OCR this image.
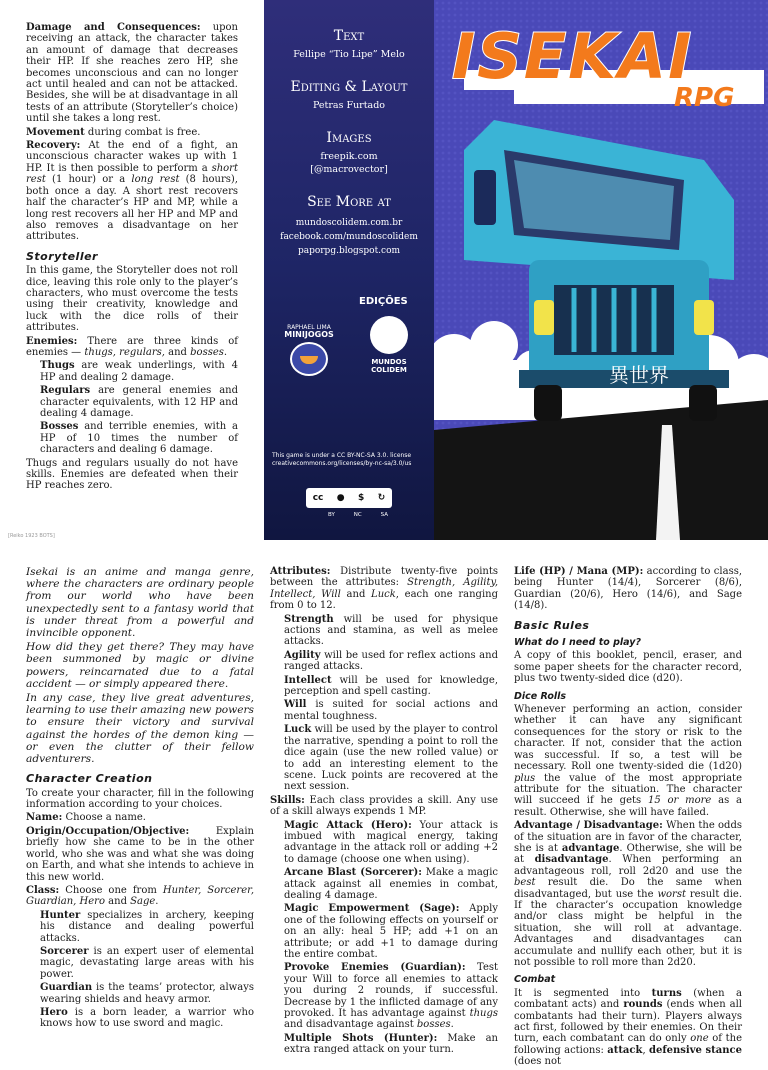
Damage and Consequences: upon receiving an attack, the character takes an amount of damage that decreases their HP. If she reaches zero HP, she becomes unconscious and can no longer act until healed and can not be attacked. Besides, she will be at disadvantage in all tests of an attribute (Storyteller’s choice) until she takes a long rest.

Movement during combat is free.

Recovery: At the end of a fight, an unconscious character wakes up with 1 HP. It is then possible to perform a short rest (1 hour) or a long rest (8 hours), both once a day. A short rest recovers half the character’s HP and MP, while a long rest recovers all her HP and MP and also removes a disadvantage on her attributes.

Storyteller

In this game, the Storyteller does not roll dice, leaving this role only to the player’s characters, who must overcome the tests using their creativity, knowledge and luck with the dice rolls of their attributes.

Enemies: There are three kinds of enemies — thugs, regulars, and bosses.

Thugs are weak underlings, with 4 HP and dealing 2 damage.

Regulars are general enemies and character equivalents, with 12 HP and dealing 4 damage.

Bosses and terrible enemies, with a HP of 10 times the number of characters and dealing 6 damage.

Thugs and regulars usually do not have skills. Enemies are defeated when their HP reaches zero.

[Reiko 1923 BOTS]
Text
Fellipe “Tio Lipe” Melo
Editing & Layout
Petras Furtado
Images
freepik.com
[@macrovector]
See More at
mundoscolidem.com.br
facebook.com/mundoscolidem
paporpg.blogspot.com
EDIÇÕES
RAPHAEL LIMA
MINIJOGOS
MUNDOS
COLIDEM
This game is under a CC BY-NC-SA 3.0. license
creativecommons.org/licenses/by-nc-sa/3.0/us
cc ● $ ↻
BY	NC	SA
異世界
ISEKAI
RPG

Isekai is an anime and manga genre, where the characters are ordinary people from our world who have been unexpectedly sent to a fantasy world that is under threat from a powerful and invincible opponent.

How did they get there? They may have been summoned by magic or divine powers, reincarnated due to a fatal accident — or simply appeared there.

In any case, they live great adventures, learning to use their amazing new powers to ensure their victory and survival against the hordes of the demon king — or even the clutter of their fellow adventurers.

Character Creation

To create your character, fill in the following information according to your choices.

Name: Choose a name.

Origin/Occupation/Objective: Explain briefly how she came to be in the other world, who she was and what she was doing on Earth, and what she intends to achieve in this new world.

Class: Choose one from Hunter, Sorcerer, Guardian, Hero and Sage.

Hunter specializes in archery, keeping his distance and dealing powerful attacks.

Sorcerer is an expert user of elemental magic, devastating large areas with his power.

Guardian is the teams’ protector, always wearing shields and heavy armor.

Hero is a born leader, a warrior who knows how to use sword and magic.

Attributes: Distribute twenty-five points between the attributes: Strength, Agility, Intellect, Will and Luck, each one ranging from 0 to 12.

Strength will be used for physique actions and stamina, as well as melee attacks.

Agility will be used for reflex actions and ranged attacks.

Intellect will be used for knowledge, perception and spell casting.

Will is suited for social actions and mental toughness.

Luck will be used by the player to control the narrative, spending a point to roll the dice again (use the new rolled value) or to add an interesting element to the scene. Luck points are recovered at the next session.

Skills: Each class provides a skill. Any use of a skill always expends 1 MP.

Magic Attack (Hero): Your attack is imbued with magical energy, taking advantage in the attack roll or adding +2 to damage (choose one when using).

Arcane Blast (Sorcerer): Make a magic attack against all enemies in combat, dealing 4 damage.

Magic Empowerment (Sage): Apply one of the following effects on yourself or on an ally: heal 5 HP; add +1 on an attribute; or add +1 to damage during the entire combat.

Provoke Enemies (Guardian): Test your Will to force all enemies to attack you during 2 rounds, if successful. Decrease by 1 the inflicted damage of any provoked. It has advantage against thugs and disadvantage against bosses.

Multiple Shots (Hunter): Make an extra ranged attack on your turn.

Life (HP) / Mana (MP): according to class, being Hunter (14/4), Sorcerer (8/6), Guardian (20/6), Hero (14/6), and Sage (14/8).

Basic Rules
What do I need to play?

A copy of this booklet, pencil, eraser, and some paper sheets for the character record, plus two twenty-sided dice (d20).

Dice Rolls

Whenever performing an action, consider whether it can have any significant consequences for the story or risk to the character. If not, consider that the action was successful. If so, a test will be necessary. Roll one twenty-sided die (1d20) plus the value of the most appropriate attribute for the situation. The character will succeed if he gets 15 or more as a result. Otherwise, she will have failed.

Advantage / Disadvantage: When the odds of the situation are in favor of the character, she is at advantage. Otherwise, she will be at disadvantage. When performing an advantageous roll, roll 2d20 and use the best result die. Do the same when disadvantaged, but use the worst result die. If the character’s occupation knowledge and/or class might be helpful in the situation, she will roll at advantage. Advantages and disadvantages can accumulate and nullify each other, but it is not possible to roll more than 2d20.

Combat

It is segmented into turns (when a combatant acts) and rounds (ends when all combatants had their turn). Players always act first, followed by their enemies. On their turn, each combatant can do only one of the following actions: attack, defensive stance (does not
